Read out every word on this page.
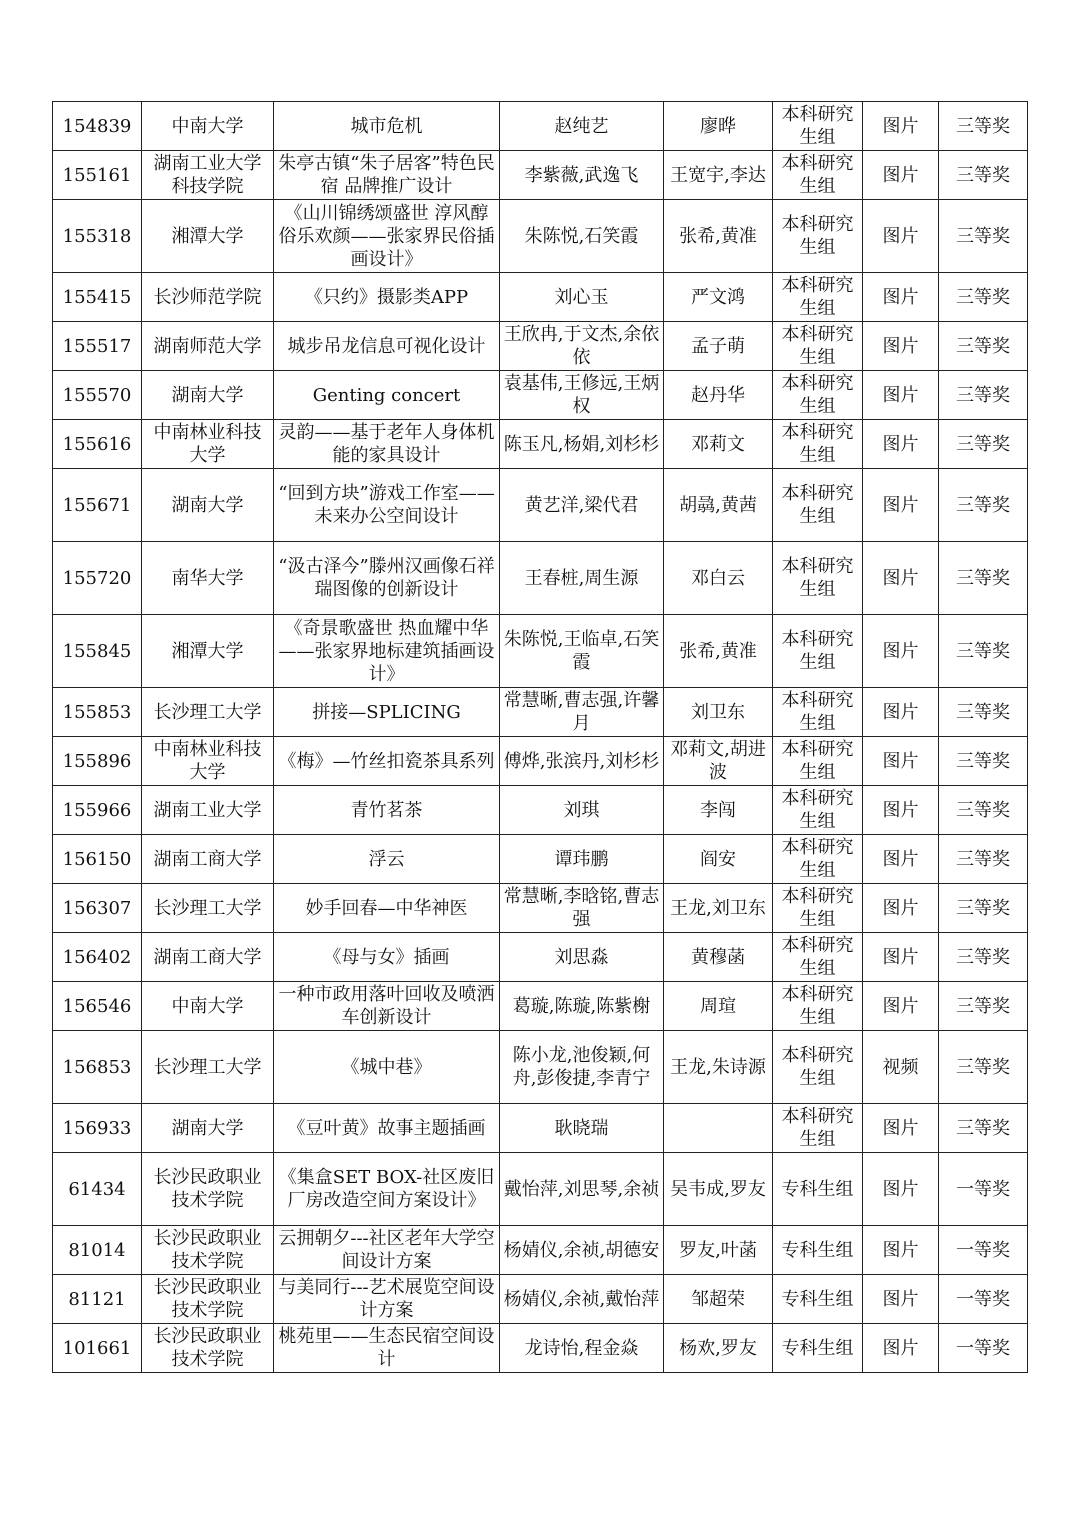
154839	中南大学	城市危机	赵纯艺	廖晔	本科研究生组	图片	三等奖
155161	湖南工业大学科技学院	朱亭古镇“朱子居客”特色民宿 品牌推广设计	李紫薇,武逸飞	王宽宇,李达	本科研究生组	图片	三等奖
155318	湘潭大学	《山川锦绣颂盛世 淳风醇俗乐欢颜——张家界民俗插画设计》	朱陈悦,石笑霞	张希,黄准	本科研究生组	图片	三等奖
155415	长沙师范学院	《只约》摄影类APP	刘心玉	严文鸿	本科研究生组	图片	三等奖
155517	湖南师范大学	城步吊龙信息可视化设计	王欣冉,于文杰,余依依	孟子萌	本科研究生组	图片	三等奖
155570	湖南大学	Genting concert	袁基伟,王修远,王炳权	赵丹华	本科研究生组	图片	三等奖
155616	中南林业科技大学	灵韵——基于老年人身体机能的家具设计	陈玉凡,杨娟,刘杉杉	邓莉文	本科研究生组	图片	三等奖
155671	湖南大学	“回到方块”游戏工作室——未来办公空间设计	黄艺洋,梁代君	胡骉,黄茜	本科研究生组	图片	三等奖
155720	南华大学	“汲古泽今”滕州汉画像石祥瑞图像的创新设计	王春桩,周生源	邓白云	本科研究生组	图片	三等奖
155845	湘潭大学	《奇景歌盛世 热血耀中华——张家界地标建筑插画设计》	朱陈悦,王临卓,石笑霞	张希,黄准	本科研究生组	图片	三等奖
155853	长沙理工大学	拼接—SPLICING	常慧晰,曹志强,许馨月	刘卫东	本科研究生组	图片	三等奖
155896	中南林业科技大学	《梅》—竹丝扣瓷茶具系列	傅烨,张滨丹,刘杉杉	邓莉文,胡进波	本科研究生组	图片	三等奖
155966	湖南工业大学	青竹茗茶	刘琪	李闯	本科研究生组	图片	三等奖
156150	湖南工商大学	浮云	谭玮鹏	阎安	本科研究生组	图片	三等奖
156307	长沙理工大学	妙手回春—中华神医	常慧晰,李晗铭,曹志强	王龙,刘卫东	本科研究生组	图片	三等奖
156402	湖南工商大学	《母与女》插画	刘思淼	黄穆菡	本科研究生组	图片	三等奖
156546	中南大学	一种市政用落叶回收及喷洒车创新设计	葛璇,陈璇,陈紫榭	周瑄	本科研究生组	图片	三等奖
156853	长沙理工大学	《城中巷》	陈小龙,池俊颖,何舟,彭俊捷,李青宁	王龙,朱诗源	本科研究生组	视频	三等奖
156933	湖南大学	《豆叶黄》故事主题插画	耿晓瑞		本科研究生组	图片	三等奖
61434	长沙民政职业技术学院	《集盒SET BOX-社区废旧厂房改造空间方案设计》	戴怡萍,刘思琴,余祯	吴韦成,罗友	专科生组	图片	一等奖
81014	长沙民政职业技术学院	云拥朝夕---社区老年大学空间设计方案	杨婧仪,余祯,胡德安	罗友,叶菡	专科生组	图片	一等奖
81121	长沙民政职业技术学院	与美同行---艺术展览空间设计方案	杨婧仪,余祯,戴怡萍	邹超荣	专科生组	图片	一等奖
101661	长沙民政职业技术学院	桃苑里——生态民宿空间设计	龙诗怡,程金焱	杨欢,罗友	专科生组	图片	一等奖
